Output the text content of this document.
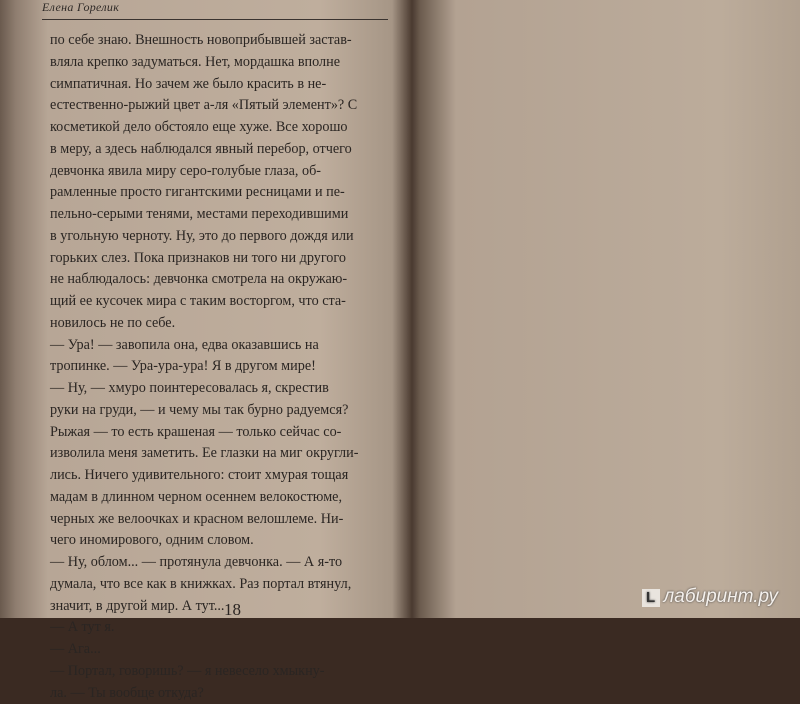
Елена Горелик
по себе знаю. Внешность новоприбывшей застав-
вляла крепко задуматься. Нет, мордашка вполне
симпатичная. Но зачем же было красить в не-
естественно-рыжий цвет а-ля «Пятый элемент»? С
косметикой дело обстояло еще хуже. Все хорошо
в меру, а здесь наблюдался явный перебор, отчего
девчонка явила миру серо-голубые глаза, об-
рамленные просто гигантскими ресницами и пе-
пельно-серыми тенями, местами переходившими
в угольную черноту. Ну, это до первого дождя или
горьких слез. Пока признаков ни того ни другого
не наблюдалось: девчонка смотрела на окружаю-
щий ее кусочек мира с таким восторгом, что ста-
новилось не по себе.
— Ура! — завопила она, едва оказавшись на
тропинке. — Ура-ура-ура! Я в другом мире!
— Ну, — хмуро поинтересовалась я, скрестив
руки на груди, — и чему мы так бурно радуемся?
Рыжая — то есть крашеная — только сейчас со-
изволила меня заметить. Ее глазки на миг округли-
лись. Ничего удивительного: стоит хмурая тощая
мадам в длинном черном осеннем велокостюме,
черных же велоочках и красном велошлеме. Ни-
чего иномирового, одним словом.
— Ну, облом... — протянула девчонка. — А я-то
думала, что все как в книжках. Раз портал втянул,
значит, в другой мир. А тут...
— А тут я.
— Ага...
— Портал, говоришь? — я невесело хмыкну-
ла. — Ты вообще откуда?
18
L лабиринт.ру
